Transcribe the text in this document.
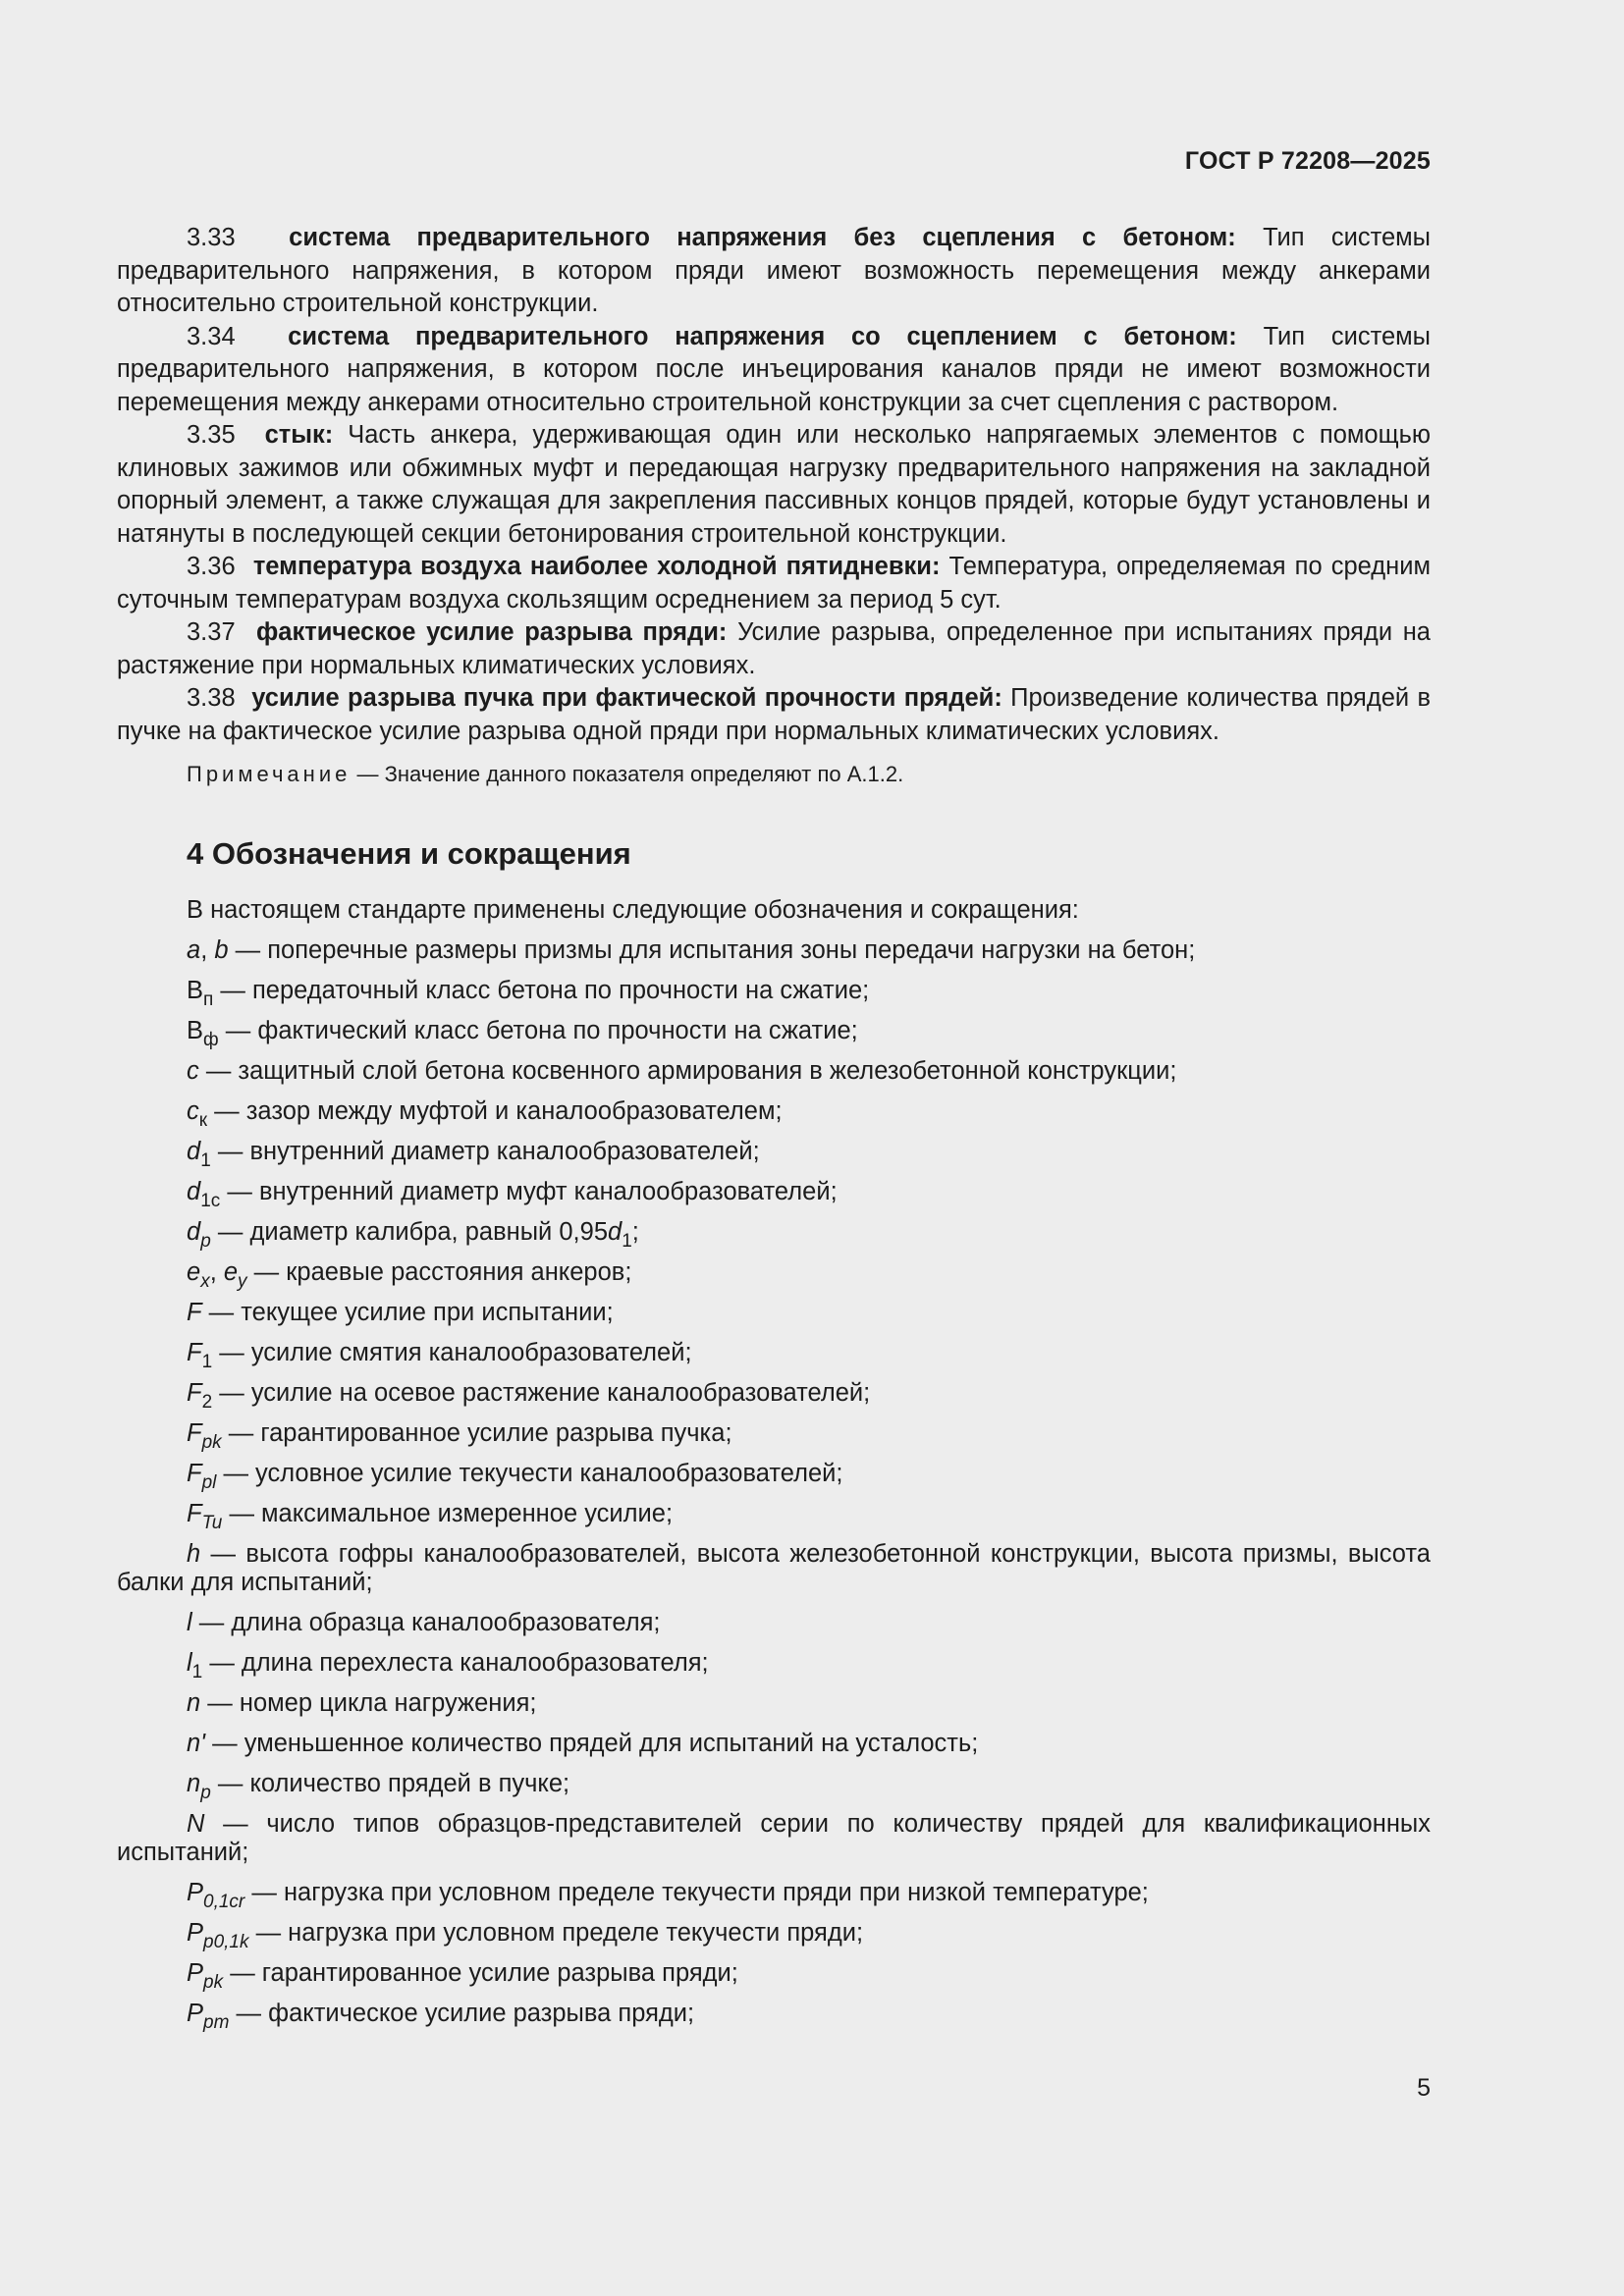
ГОСТ Р 72208—2025

3.33 система предварительного напряжения без сцепления с бетоном: Тип системы предварительного напряжения, в котором пряди имеют возможность перемещения между анкерами относительно строительной конструкции.

3.34 система предварительного напряжения со сцеплением с бетоном: Тип системы предварительного напряжения, в котором после инъецирования каналов пряди не имеют возможности перемещения между анкерами относительно строительной конструкции за счет сцепления с раствором.

3.35 стык: Часть анкера, удерживающая один или несколько напрягаемых элементов с помощью клиновых зажимов или обжимных муфт и передающая нагрузку предварительного напряжения на закладной опорный элемент, а также служащая для закрепления пассивных концов прядей, которые будут установлены и натянуты в последующей секции бетонирования строительной конструкции.

3.36 температура воздуха наиболее холодной пятидневки: Температура, определяемая по средним суточным температурам воздуха скользящим осреднением за период 5 сут.

3.37 фактическое усилие разрыва пряди: Усилие разрыва, определенное при испытаниях пряди на растяжение при нормальных климатических условиях.

3.38 усилие разрыва пучка при фактической прочности прядей: Произведение количества прядей в пучке на фактическое усилие разрыва одной пряди при нормальных климатических условиях.

Примечание — Значение данного показателя определяют по А.1.2.

4 Обозначения и сокращения

В настоящем стандарте применены следующие обозначения и сокращения:

a, b — поперечные размеры призмы для испытания зоны передачи нагрузки на бетон;

$В_п$ — передаточный класс бетона по прочности на сжатие;

$В_ф$ — фактический класс бетона по прочности на сжатие;

c — защитный слой бетона косвенного армирования в железобетонной конструкции;

$c_к$ — зазор между муфтой и каналообразователем;

$d_1$ — внутренний диаметр каналообразователей;

$d_{1c}$ — внутренний диаметр муфт каналообразователей;

$d_p$ — диаметр калибра, равный $0,95d_1$;

$e_x$, $e_y$ — краевые расстояния анкеров;

F — текущее усилие при испытании;

$F_1$ — усилие смятия каналообразователей;

$F_2$ — усилие на осевое растяжение каналообразователей;

$F_{pk}$ — гарантированное усилие разрыва пучка;

$F_{pl}$ — условное усилие текучести каналообразователей;

$F_{Tu}$ — максимальное измеренное усилие;

h — высота гофры каналообразователей, высота железобетонной конструкции, высота призмы, высота балки для испытаний;

l — длина образца каналообразователя;

$l_1$ — длина перехлеста каналообразователя;

n — номер цикла нагружения;

n' — уменьшенное количество прядей для испытаний на усталость;

$n_p$ — количество прядей в пучке;

N — число типов образцов-представителей серии по количеству прядей для квалификационных испытаний;

$P_{0,1cr}$ — нагрузка при условном пределе текучести пряди при низкой температуре;

$P_{p0,1k}$ — нагрузка при условном пределе текучести пряди;

$P_{pk}$ — гарантированное усилие разрыва пряди;

$P_{pm}$ — фактическое усилие разрыва пряди;

5
